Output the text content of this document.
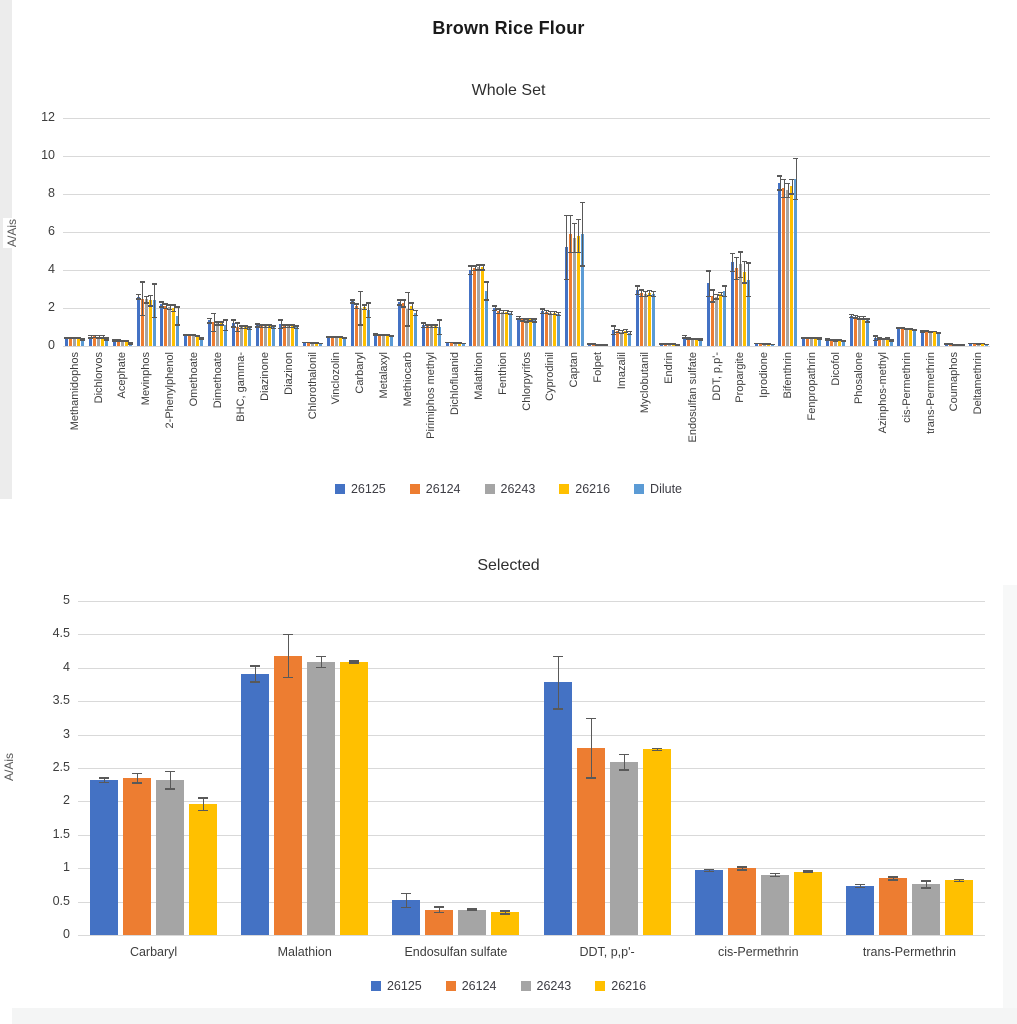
Brown Rice Flour
Whole Set
A/Ais
26125	26124	26243	26216	Dilute
Selected
A/Ais
26125	26124	26243	26216
0
2
4
6
8
10
12
Methamidophos Dichlorvos Acephate Mevinphos 2-Phenylphenol Omethoate Dimethoate BHC, gamma- Diazinone Diazinon Chlorothalonil Vinclozolin Carbaryl Metalaxyl Methiocarb Pirimiphos methyl Dichlofluanid Malathion Fenthion Chlorpyrifos Cyprodinil Captan Folpet Imazalil Myclobutanil Endrin Endosulfan sulfate DDT, p,p'- Propargite Iprodione Bifenthrin Fenpropathrin Dicofol Phosalone Azinphos-methyl cis-Permethrin trans-Permethrin Coumaphos Deltamethrin
0
0.5
1
1.5
2
2.5
3
3.5
4
4.5
5
Carbaryl	Malathion	Endosulfan sulfate	DDT, p,p'-	cis-Permethrin	trans-Permethrin
